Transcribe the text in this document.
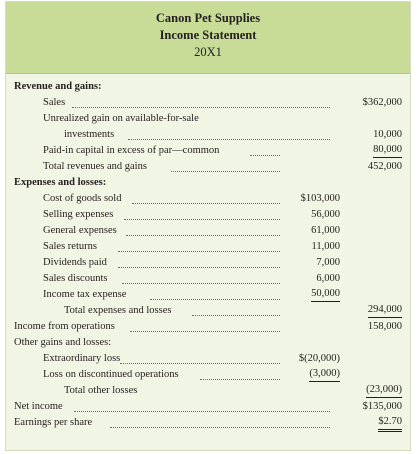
Canon Pet Supplies
Income Statement
20X1
Revenue and gains:
Sales	$362,000
Unrealized gain on available-for-sale
investments	10,000
Paid-in capital in excess of par—common	80,000
Total revenues and gains	452,000
Expenses and losses:
Cost of goods sold	$103,000
Selling expenses	56,000
General expenses	61,000
Sales returns	11,000
Dividends paid	7,000
Sales discounts	6,000
Income tax expense	50,000
Total expenses and losses	294,000
Income from operations	158,000
Other gains and losses:
Extraordinary loss	$(20,000)
Loss on discontinued operations	(3,000)
Total other losses	(23,000)
Net income	$135,000
Earnings per share	$2.70
